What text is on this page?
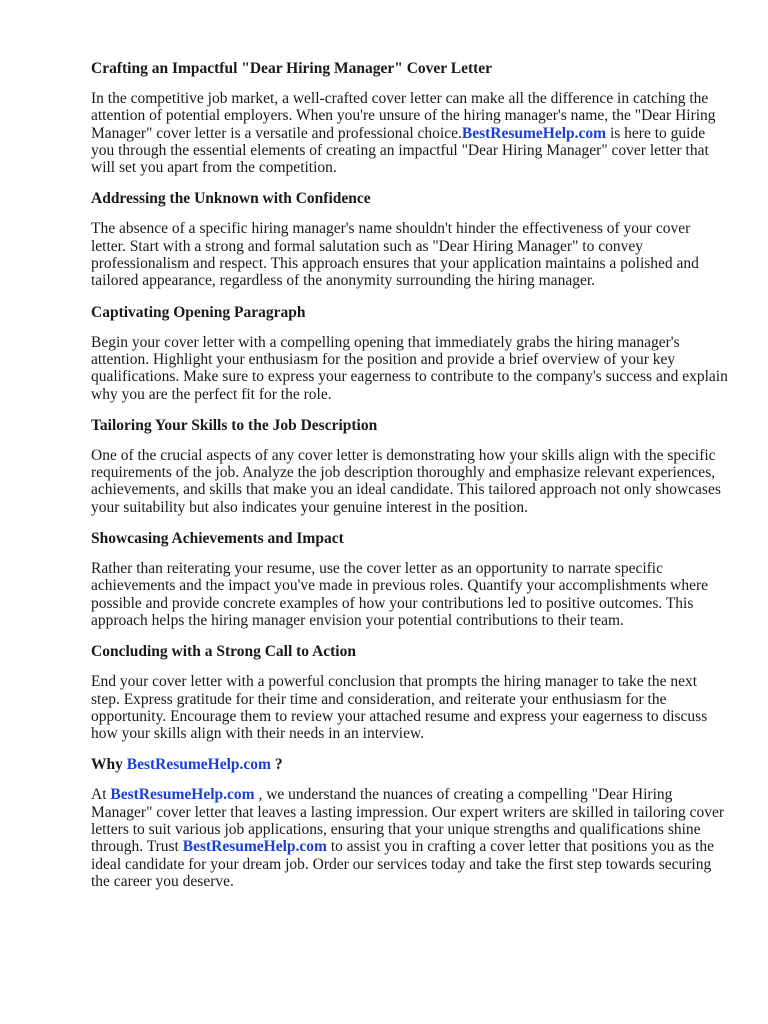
Crafting an Impactful "Dear Hiring Manager" Cover Letter

In the competitive job market, a well-crafted cover letter can make all the difference in catching the attention of potential employers. When you're unsure of the hiring manager's name, the "Dear Hiring Manager" cover letter is a versatile and professional choice.BestResumeHelp.com is here to guide you through the essential elements of creating an impactful "Dear Hiring Manager" cover letter that will set you apart from the competition.

Addressing the Unknown with Confidence

The absence of a specific hiring manager's name shouldn't hinder the effectiveness of your cover letter. Start with a strong and formal salutation such as "Dear Hiring Manager" to convey professionalism and respect. This approach ensures that your application maintains a polished and tailored appearance, regardless of the anonymity surrounding the hiring manager.

Captivating Opening Paragraph

Begin your cover letter with a compelling opening that immediately grabs the hiring manager's attention. Highlight your enthusiasm for the position and provide a brief overview of your key qualifications. Make sure to express your eagerness to contribute to the company's success and explain why you are the perfect fit for the role.

Tailoring Your Skills to the Job Description

One of the crucial aspects of any cover letter is demonstrating how your skills align with the specific requirements of the job. Analyze the job description thoroughly and emphasize relevant experiences, achievements, and skills that make you an ideal candidate. This tailored approach not only showcases your suitability but also indicates your genuine interest in the position.

Showcasing Achievements and Impact

Rather than reiterating your resume, use the cover letter as an opportunity to narrate specific achievements and the impact you've made in previous roles. Quantify your accomplishments where possible and provide concrete examples of how your contributions led to positive outcomes. This approach helps the hiring manager envision your potential contributions to their team.

Concluding with a Strong Call to Action

End your cover letter with a powerful conclusion that prompts the hiring manager to take the next step. Express gratitude for their time and consideration, and reiterate your enthusiasm for the opportunity. Encourage them to review your attached resume and express your eagerness to discuss how your skills align with their needs in an interview.

Why BestResumeHelp.com ?

At BestResumeHelp.com , we understand the nuances of creating a compelling "Dear Hiring Manager" cover letter that leaves a lasting impression. Our expert writers are skilled in tailoring cover letters to suit various job applications, ensuring that your unique strengths and qualifications shine through. Trust BestResumeHelp.com to assist you in crafting a cover letter that positions you as the ideal candidate for your dream job. Order our services today and take the first step towards securing the career you deserve.
